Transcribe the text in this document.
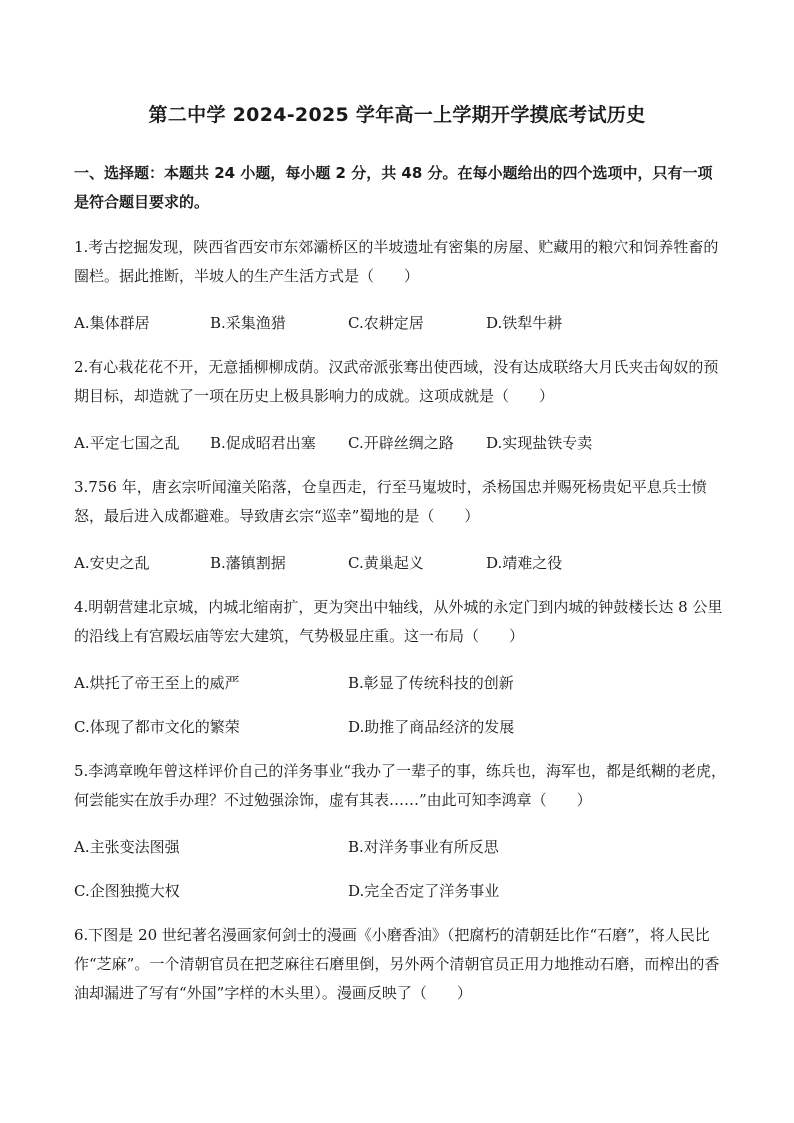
第二中学 2024-2025 学年高一上学期开学摸底考试历史
一、选择题：本题共 24 小题，每小题 2 分，共 48 分。在每小题给出的四个选项中，只有一项是符合题目要求的。
1.考古挖掘发现，陕西省西安市东郊灞桥区的半坡遗址有密集的房屋、贮藏用的粮穴和饲养牲畜的圈栏。据此推断，半坡人的生产生活方式是（　　）
A.集体群居	B.采集渔猎	C.农耕定居	D.铁犁牛耕
2.有心栽花花不开，无意插柳柳成荫。汉武帝派张骞出使西域，没有达成联络大月氏夹击匈奴的预期目标，却造就了一项在历史上极具影响力的成就。这项成就是（　　）
A.平定七国之乱 B.促成昭君出塞 C.开辟丝绸之路 D.实现盐铁专卖
3.756 年，唐玄宗听闻潼关陷落，仓皇西走，行至马嵬坡时，杀杨国忠并赐死杨贵妃平息兵士愤怒，最后进入成都避难。导致唐玄宗“巡幸”蜀地的是（　　）
A.安史之乱	B.藩镇割据	C.黄巢起义	D.靖难之役
4.明朝营建北京城，内城北缩南扩，更为突出中轴线，从外城的永定门到内城的钟鼓楼长达 8 公里的沿线上有宫殿坛庙等宏大建筑，气势极显庄重。这一布局（　　）
A.烘托了帝王至上的威严	B.彰显了传统科技的创新
C.体现了都市文化的繁荣	D.助推了商品经济的发展
5.李鸿章晚年曾这样评价自己的洋务事业“我办了一辈子的事，练兵也，海军也，都是纸糊的老虎，何尝能实在放手办理？不过勉强涂饰，虚有其表……”由此可知李鸿章（　　）
A.主张变法图强	B.对洋务事业有所反思
C.企图独揽大权	D.完全否定了洋务事业
6.下图是 20 世纪著名漫画家何剑士的漫画《小磨香油》（把腐朽的清朝廷比作“石磨”，将人民比作“芝麻”。一个清朝官员在把芝麻往石磨里倒，另外两个清朝官员正用力地推动石磨，而榨出的香油却漏进了写有“外国”字样的木头里）。漫画反映了（　　）
